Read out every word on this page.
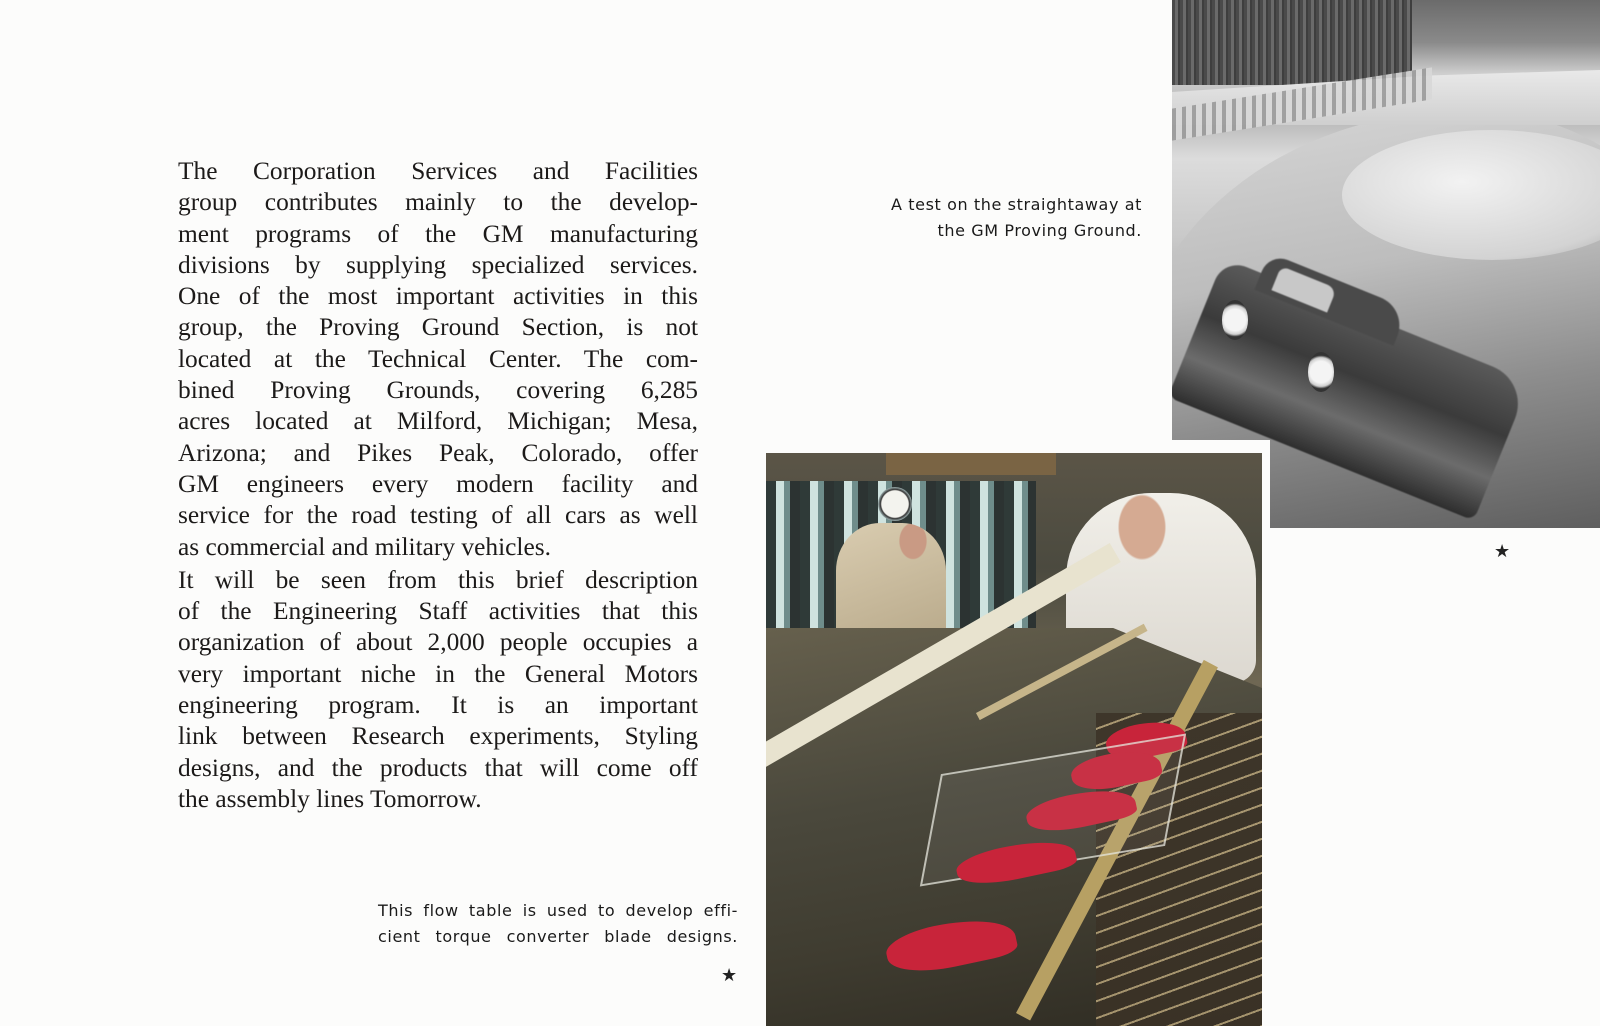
The Corporation Services and Facilities
group contributes mainly to the develop-
ment programs of the GM manufacturing
divisions by supplying specialized services.
One of the most important activities in this
group, the Proving Ground Section, is not
located at the Technical Center. The com-
bined Proving Grounds, covering 6,285
acres located at Milford, Michigan; Mesa,
Arizona; and Pikes Peak, Colorado, offer
GM engineers every modern facility and
service for the road testing of all cars as well
as commercial and military vehicles.

It will be seen from this brief description
of the Engineering Staff activities that this
organization of about 2,000 people occupies a
very important niche in the General Motors
engineering program. It is an important
link between Research experiments, Styling
designs, and the products that will come off
the assembly lines Tomorrow.

A test on the straightaway at
the GM Proving Ground.
★
This flow table is used to develop effi-
cient torque converter blade designs.
★
